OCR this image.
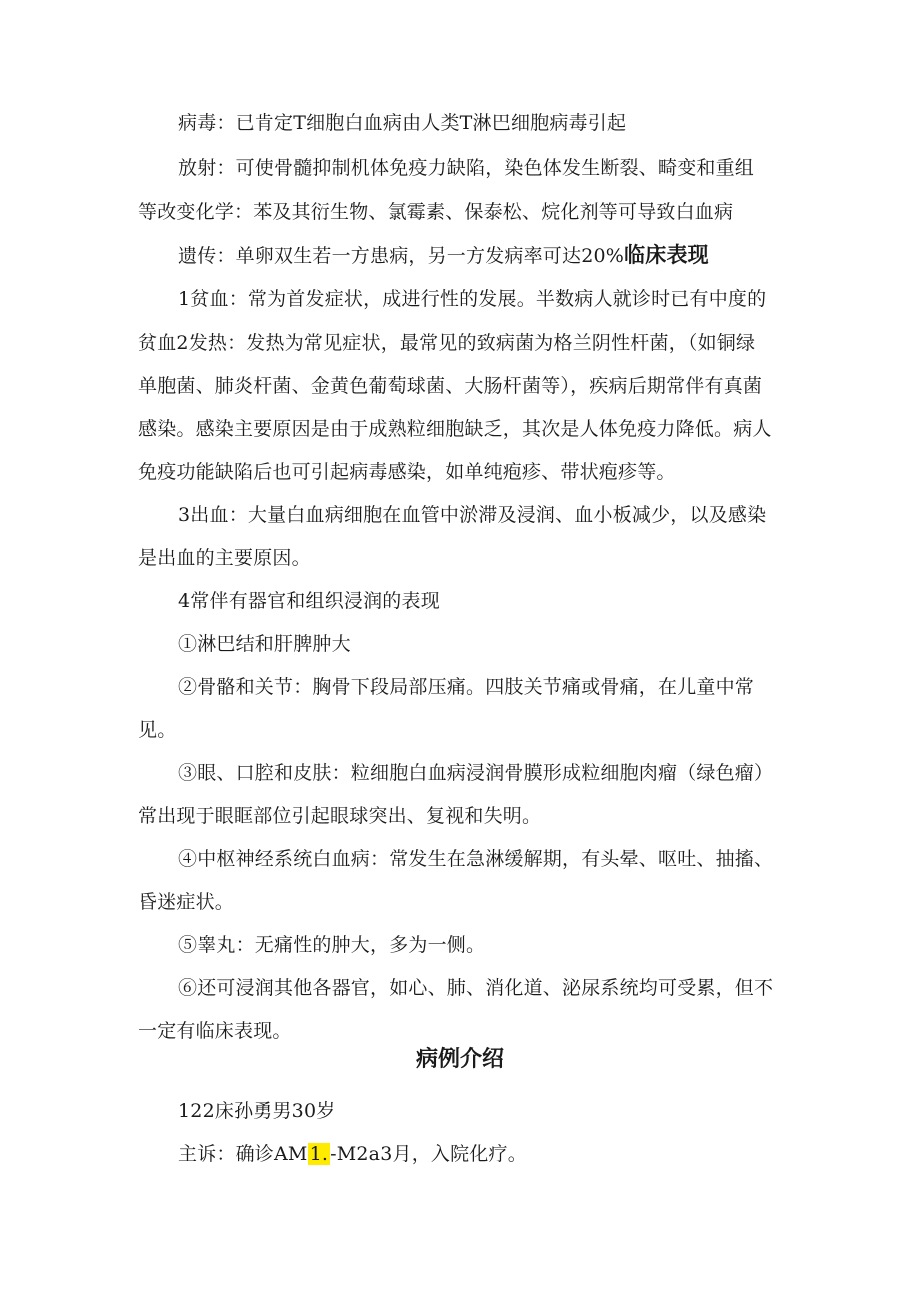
病毒：已肯定T细胞白血病由人类T淋巴细胞病毒引起
放射：可使骨髓抑制机体免疫力缺陷，染色体发生断裂、畸变和重组
等改变化学：苯及其衍生物、氯霉素、保泰松、烷化剂等可导致白血病
遗传：单卵双生若一方患病，另一方发病率可达20%临床表现
1贫血：常为首发症状，成进行性的发展。半数病人就诊时已有中度的
贫血2发热：发热为常见症状，最常见的致病菌为格兰阴性杆菌，（如铜绿
单胞菌、肺炎杆菌、金黄色葡萄球菌、大肠杆菌等），疾病后期常伴有真菌
感染。感染主要原因是由于成熟粒细胞缺乏，其次是人体免疫力降低。病人
免疫功能缺陷后也可引起病毒感染，如单纯疱疹、带状疱疹等。
3出血：大量白血病细胞在血管中淤滞及浸润、血小板减少，以及感染
是出血的主要原因。
4常伴有器官和组织浸润的表现
①淋巴结和肝脾肿大
②骨骼和关节：胸骨下段局部压痛。四肢关节痛或骨痛，在儿童中常
见。
③眼、口腔和皮肤：粒细胞白血病浸润骨膜形成粒细胞肉瘤（绿色瘤）
常出现于眼眶部位引起眼球突出、复视和失明。
④中枢神经系统白血病：常发生在急淋缓解期，有头晕、呕吐、抽搐、
昏迷症状。
⑤睾丸：无痛性的肿大，多为一侧。
⑥还可浸润其他各器官，如心、肺、消化道、泌尿系统均可受累，但不
一定有临床表现。
病例介绍
122床孙勇男30岁
主诉：确诊AM 1. -M2a3月，入院化疗。
